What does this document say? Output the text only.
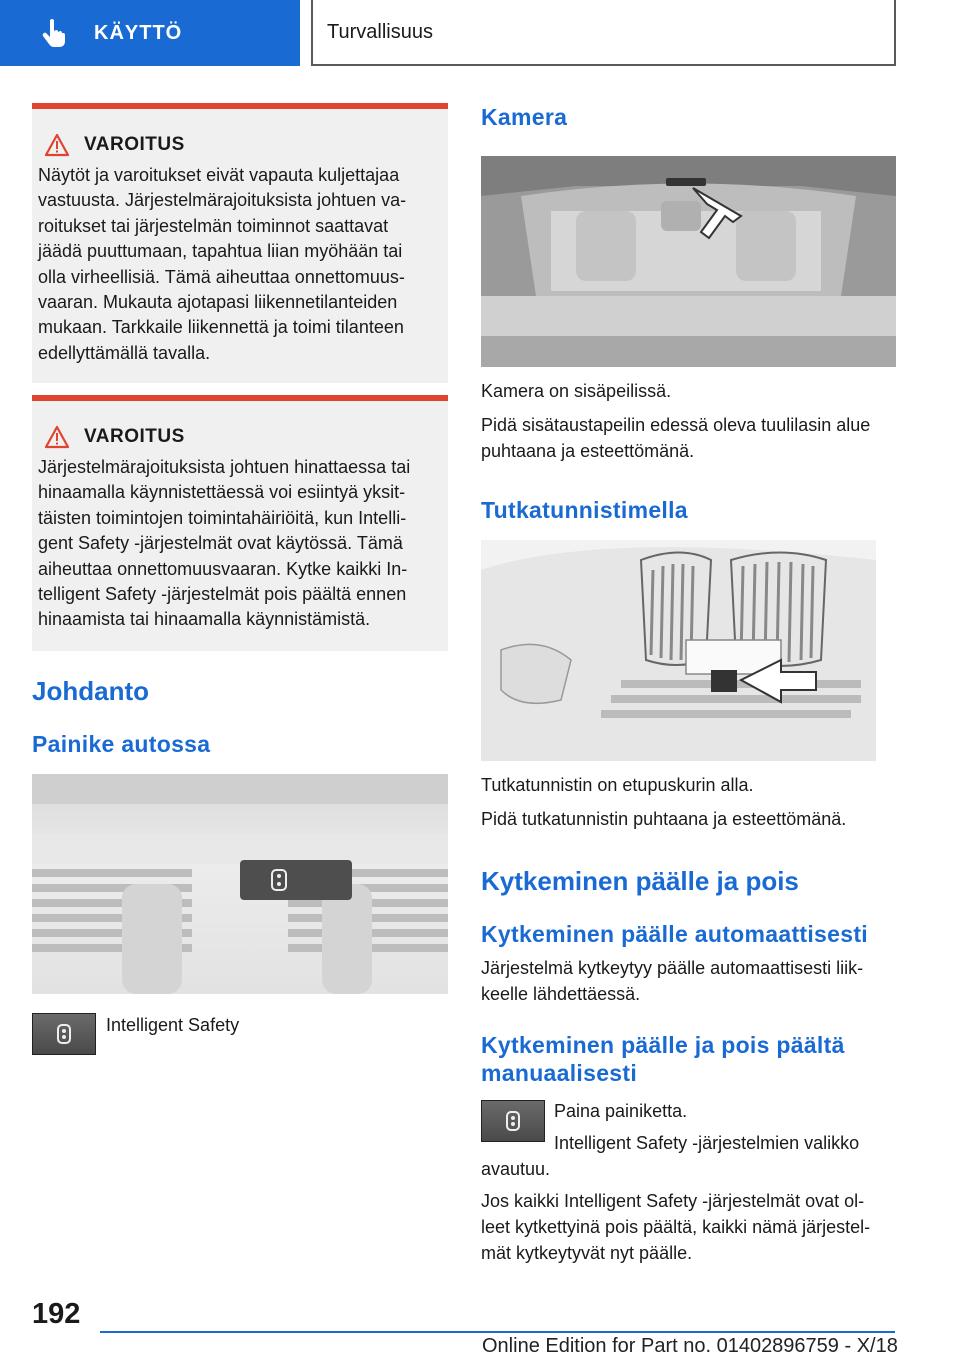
KÄYTTÖ	Turvallisuus
VAROITUS
Näytöt ja varoitukset eivät vapauta kuljettajaa
vastuusta. Järjestelmärajoituksista johtuen va-
roitukset tai järjestelmän toiminnot saattavat
jäädä puuttumaan, tapahtua liian myöhään tai
olla virheellisiä. Tämä aiheuttaa onnettomuus-
vaaran. Mukauta ajotapasi liikennetilanteiden
mukaan. Tarkkaile liikennettä ja toimi tilanteen
edellyttämällä tavalla.
VAROITUS
Järjestelmärajoituksista johtuen hinattaessa tai
hinaamalla käynnistettäessä voi esiintyä yksit-
täisten toimintojen toimintahäiriöitä, kun Intelli-
gent Safety -järjestelmät ovat käytössä. Tämä
aiheuttaa onnettomuusvaaran. Kytke kaikki In-
telligent Safety -järjestelmät pois päältä ennen
hinaamista tai hinaamalla käynnistämistä.
Johdanto
Painike autossa
Intelligent Safety
Kamera
Kamera on sisäpeilissä.
Pidä sisätaustapeilin edessä oleva tuulilasin alue
puhtaana ja esteettömänä.
Tutkatunnistimella
Tutkatunnistin on etupuskurin alla.
Pidä tutkatunnistin puhtaana ja esteettömänä.
Kytkeminen päälle ja pois
Kytkeminen päälle automaattisesti
Järjestelmä kytkeytyy päälle automaattisesti liik-
keelle lähdettäessä.
Kytkeminen päälle ja pois päältä
manuaalisesti
Paina painiketta.
Intelligent Safety -järjestelmien valikko
avautuu.
Jos kaikki Intelligent Safety -järjestelmät ovat ol-
leet kytkettyinä pois päältä, kaikki nämä järjestel-
mät kytkeytyvät nyt päälle.
192
Online Edition for Part no. 01402896759 - X/18
